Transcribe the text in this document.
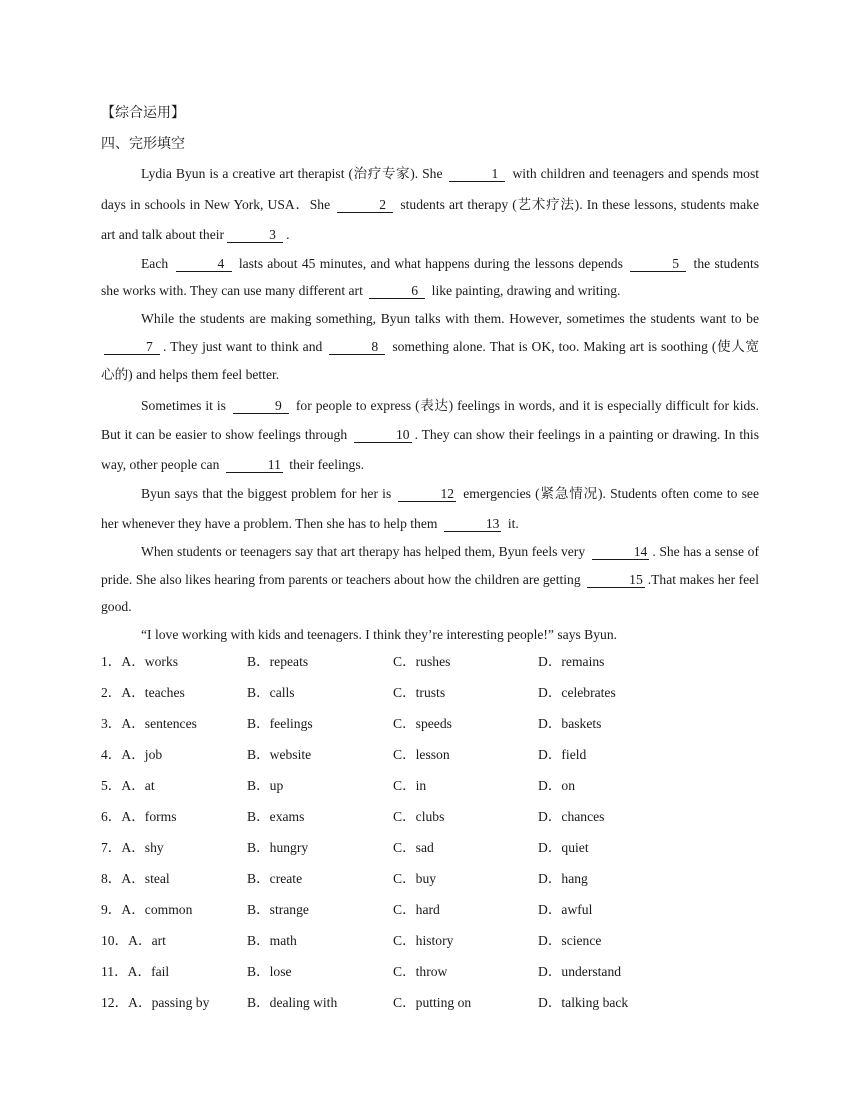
【综合运用】
四、完形填空

Lydia Byun is a creative art therapist (治疗专家). She	1 with children and teenagers and spends most days in schools in New York, USA．She	2 students art therapy (艺术疗法). In these lessons, students make art and talk about their	3 .

Each	4 lasts about 45 minutes, and what happens during the lessons depends	5 the students she works with. They can use many different art	6 like painting, drawing and writing.

While the students are making something, Byun talks with them. However, sometimes the students want to be 7 . They just want to think and	8 something alone. That is OK, too. Making art is soothing (使人宽心的) and helps them feel better.

Sometimes it is	9 for people to express (表达) feelings in words, and it is especially difficult for kids. But it can be easier to show feelings through	10 . They can show their feelings in a painting or drawing. In this way, other people can	11 their feelings.

Byun says that the biggest problem for her is	12 emergencies (紧急情况). Students often come to see her whenever they have a problem. Then she has to help them	13 it.

When students or teenagers say that art therapy has helped them, Byun feels very	14 . She has a sense of pride. She also likes hearing from parents or teachers about how the children are getting	15 .That makes her feel good.

“I love working with kids and teenagers. I think they’re interesting people!” says Byun.

1．A．works	B．repeats	C．rushes	D．remains
2．A．teaches	B．calls	C．trusts	D．celebrates
3．A．sentences	B．feelings	C．speeds	D．baskets
4．A．job	B．website	C．lesson	D．field
5．A．at	B．up	C．in	D．on
6．A．forms	B．exams	C．clubs	D．chances
7．A．shy	B．hungry	C．sad	D．quiet
8．A．steal	B．create	C．buy	D．hang
9．A．common	B．strange	C．hard	D．awful
10．A．art	B．math	C．history	D．science
11．A．fail	B．lose	C．throw	D．understand
12．A．passing by	B．dealing with	C．putting on	D．talking back
